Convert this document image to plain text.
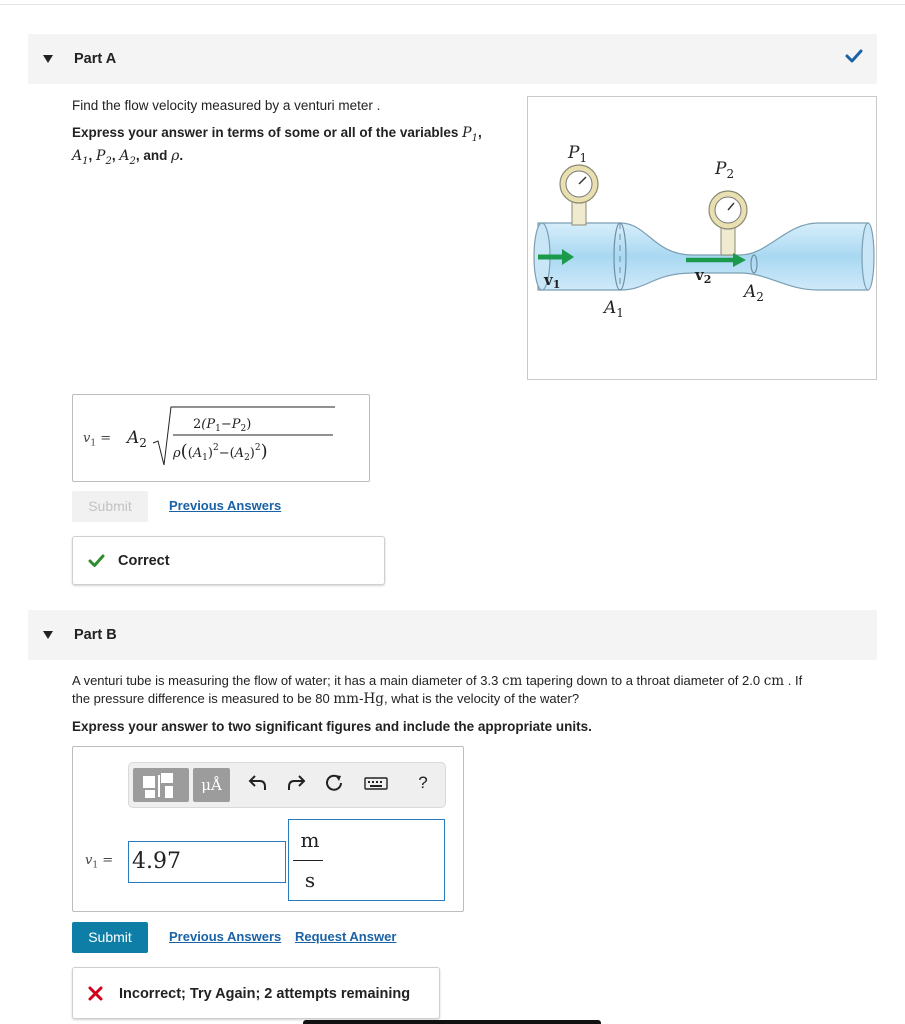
Part A
Find the flow velocity measured by a venturi meter .
Express your answer in terms of some or all of the variables $P_1$,
$A_1$, $P_2$, $A_2$, and ρ.	$P_1$
$P_2$
$v_1$
$v_2$
$A_1$
$A_2$
$v_1 = A_2$
$2(P_1-P_2)$
$\rho((A_1)^2-(A_2)^2)$
Submit	Previous Answers
Correct
Part B
A venturi tube is measuring the flow of water; it has a main diameter of 3.3 cm tapering down to a throat diameter of 2.0 cm . If
the pressure difference is measured to be 80 mm-Hg, what is the velocity of the water?
Express your answer to two significant figures and include the appropriate units.
μÅ	?
$v_1 = 4.97$
m
s
Submit	Previous Answers Request Answer
Incorrect; Try Again; 2 attempts remaining
